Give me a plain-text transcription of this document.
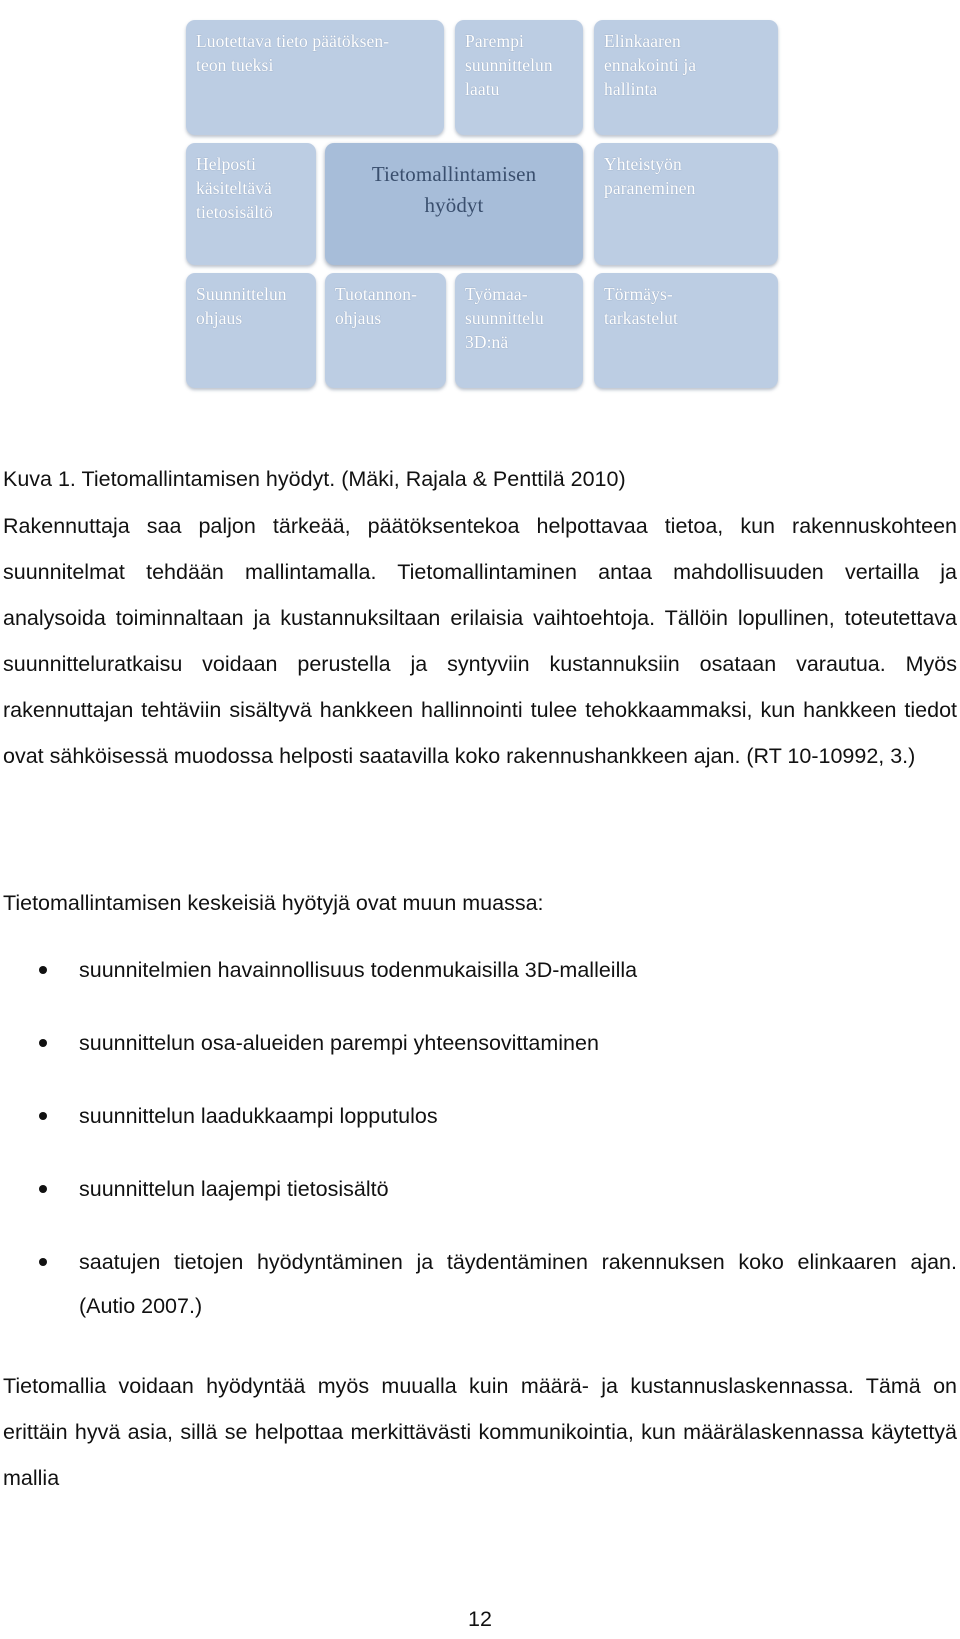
Luotettava tieto päätöksen-
teon tueksi
Parempi
suunnittelun
laatu
Elinkaaren
ennakointi ja
hallinta
Helposti
käsiteltävä
tietosisältö
Tietomallintamisen
hyödyt
Yhteistyön
paraneminen
Suunnittelun
ohjaus
Tuotannon-
ohjaus
Työmaa-
suunnittelu
3D:nä
Törmäys-
tarkastelut

Kuva 1. Tietomallintamisen hyödyt. (Mäki, Rajala & Penttilä 2010)

Rakennuttaja saa paljon tärkeää, päätöksentekoa helpottavaa tietoa, kun rakennuskohteen suunnitelmat tehdään mallintamalla. Tietomallintaminen antaa mahdollisuuden vertailla ja analysoida toiminnaltaan ja kustannuksiltaan erilaisia vaihtoehtoja. Tällöin lopullinen, toteutettava suunnitteluratkaisu voidaan perustella ja syntyviin kustannuksiin osataan varautua. Myös rakennuttajan tehtäviin sisältyvä hankkeen hallinnointi tulee tehokkaammaksi, kun hankkeen tiedot ovat sähköisessä muodossa helposti saatavilla koko rakennushankkeen ajan. (RT 10-10992, 3.)

Tietomallintamisen keskeisiä hyötyjä ovat muun muassa:

suunnitelmien havainnollisuus todenmukaisilla 3D-malleilla
suunnittelun osa-alueiden parempi yhteensovittaminen
suunnittelun laadukkaampi lopputulos
suunnittelun laajempi tietosisältö
saatujen tietojen hyödyntäminen ja täydentäminen rakennuksen koko elinkaaren ajan. (Autio 2007.)

Tietomallia voidaan hyödyntää myös muualla kuin määrä- ja kustannuslaskennassa. Tämä on erittäin hyvä asia, sillä se helpottaa merkittävästi kommunikointia, kun määrälaskennassa käytettyä mallia

12
